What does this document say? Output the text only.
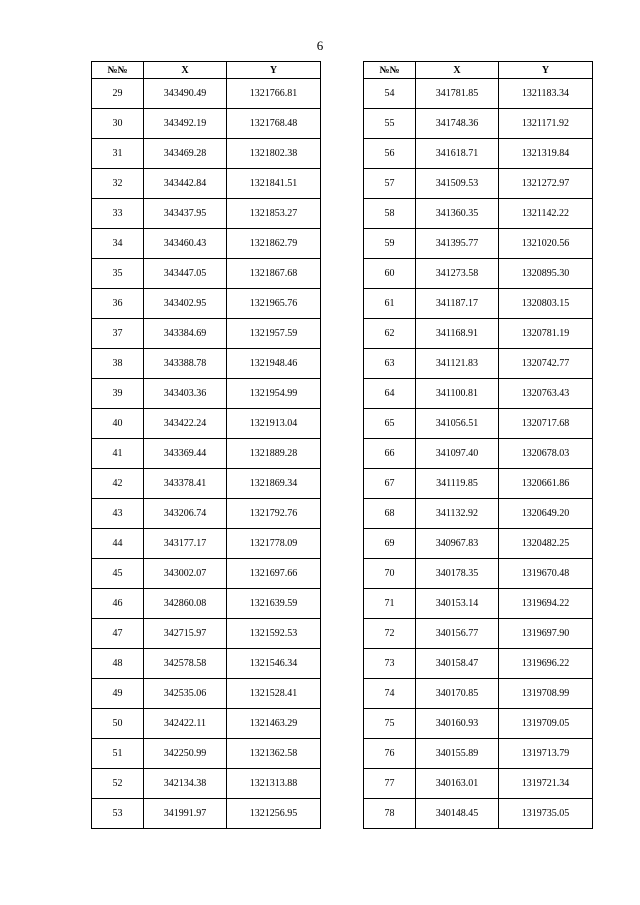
6
№№	X	Y
29	343490.49	1321766.81
30	343492.19	1321768.48
31	343469.28	1321802.38
32	343442.84	1321841.51
33	343437.95	1321853.27
34	343460.43	1321862.79
35	343447.05	1321867.68
36	343402.95	1321965.76
37	343384.69	1321957.59
38	343388.78	1321948.46
39	343403.36	1321954.99
40	343422.24	1321913.04
41	343369.44	1321889.28
42	343378.41	1321869.34
43	343206.74	1321792.76
44	343177.17	1321778.09
45	343002.07	1321697.66
46	342860.08	1321639.59
47	342715.97	1321592.53
48	342578.58	1321546.34
49	342535.06	1321528.41
50	342422.11	1321463.29
51	342250.99	1321362.58
52	342134.38	1321313.88
53	341991.97	1321256.95
№№	X	Y
54	341781.85	1321183.34
55	341748.36	1321171.92
56	341618.71	1321319.84
57	341509.53	1321272.97
58	341360.35	1321142.22
59	341395.77	1321020.56
60	341273.58	1320895.30
61	341187.17	1320803.15
62	341168.91	1320781.19
63	341121.83	1320742.77
64	341100.81	1320763.43
65	341056.51	1320717.68
66	341097.40	1320678.03
67	341119.85	1320661.86
68	341132.92	1320649.20
69	340967.83	1320482.25
70	340178.35	1319670.48
71	340153.14	1319694.22
72	340156.77	1319697.90
73	340158.47	1319696.22
74	340170.85	1319708.99
75	340160.93	1319709.05
76	340155.89	1319713.79
77	340163.01	1319721.34
78	340148.45	1319735.05
